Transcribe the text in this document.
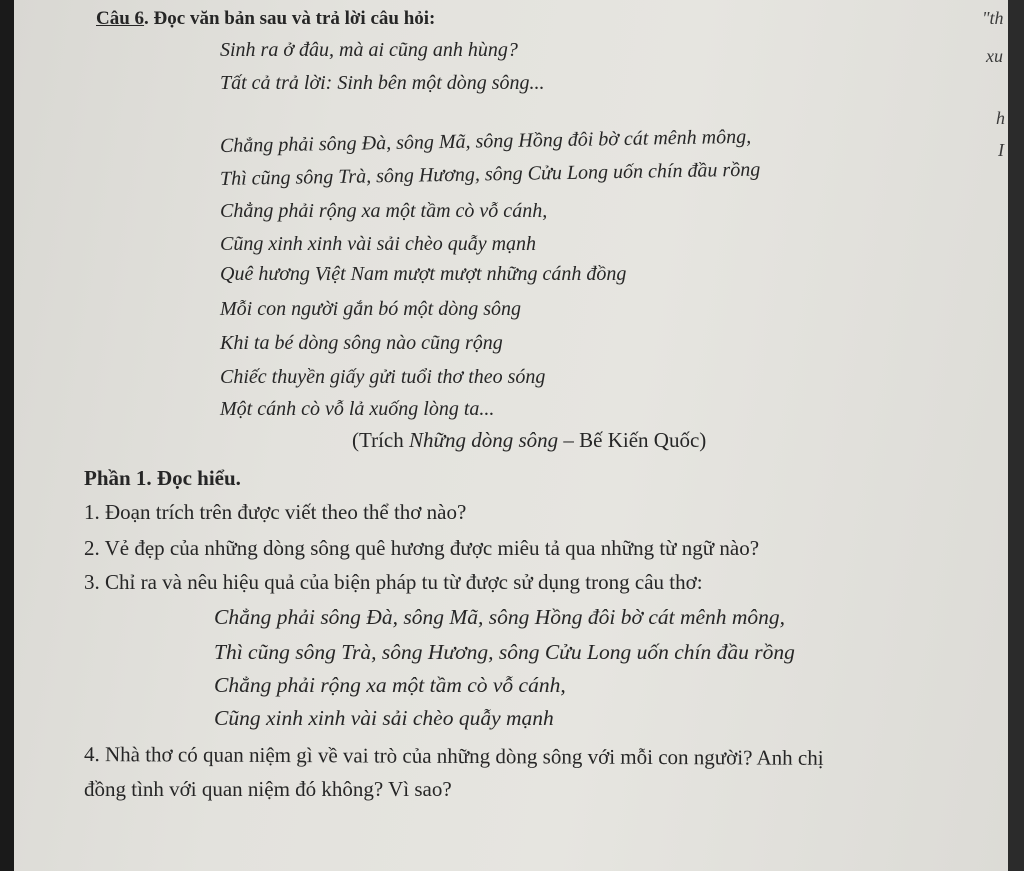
Câu 6. Đọc văn bản sau và trả lời câu hỏi:
Sinh ra ở đâu, mà ai cũng anh hùng?
Tất cả trả lời: Sinh bên một dòng sông...
Chẳng phải sông Đà, sông Mã, sông Hồng đôi bờ cát mênh mông,
Thì cũng sông Trà, sông Hương, sông Cửu Long uốn chín đầu rồng
Chẳng phải rộng xa một tầm cò vỗ cánh,
Cũng xinh xinh vài sải chèo quẫy mạnh
Quê hương Việt Nam mượt mượt những cánh đồng
Mỗi con người gắn bó một dòng sông
Khi ta bé dòng sông nào cũng rộng
Chiếc thuyền giấy gửi tuổi thơ theo sóng
Một cánh cò vỗ lả xuống lòng ta...
(Trích Những dòng sông – Bế Kiến Quốc)
Phần 1. Đọc hiểu.
1. Đoạn trích trên được viết theo thể thơ nào?
2. Vẻ đẹp của những dòng sông quê hương được miêu tả qua những từ ngữ nào?
3. Chỉ ra và nêu hiệu quả của biện pháp tu từ được sử dụng trong câu thơ:
Chẳng phải sông Đà, sông Mã, sông Hồng đôi bờ cát mênh mông,
Thì cũng sông Trà, sông Hương, sông Cửu Long uốn chín đầu rồng
Chẳng phải rộng xa một tầm cò vỗ cánh,
Cũng xinh xinh vài sải chèo quẫy mạnh
4. Nhà thơ có quan niệm gì về vai trò của những dòng sông với mỗi con người? Anh chị
đồng tình với quan niệm đó không? Vì sao?
"th
xu
h
I
